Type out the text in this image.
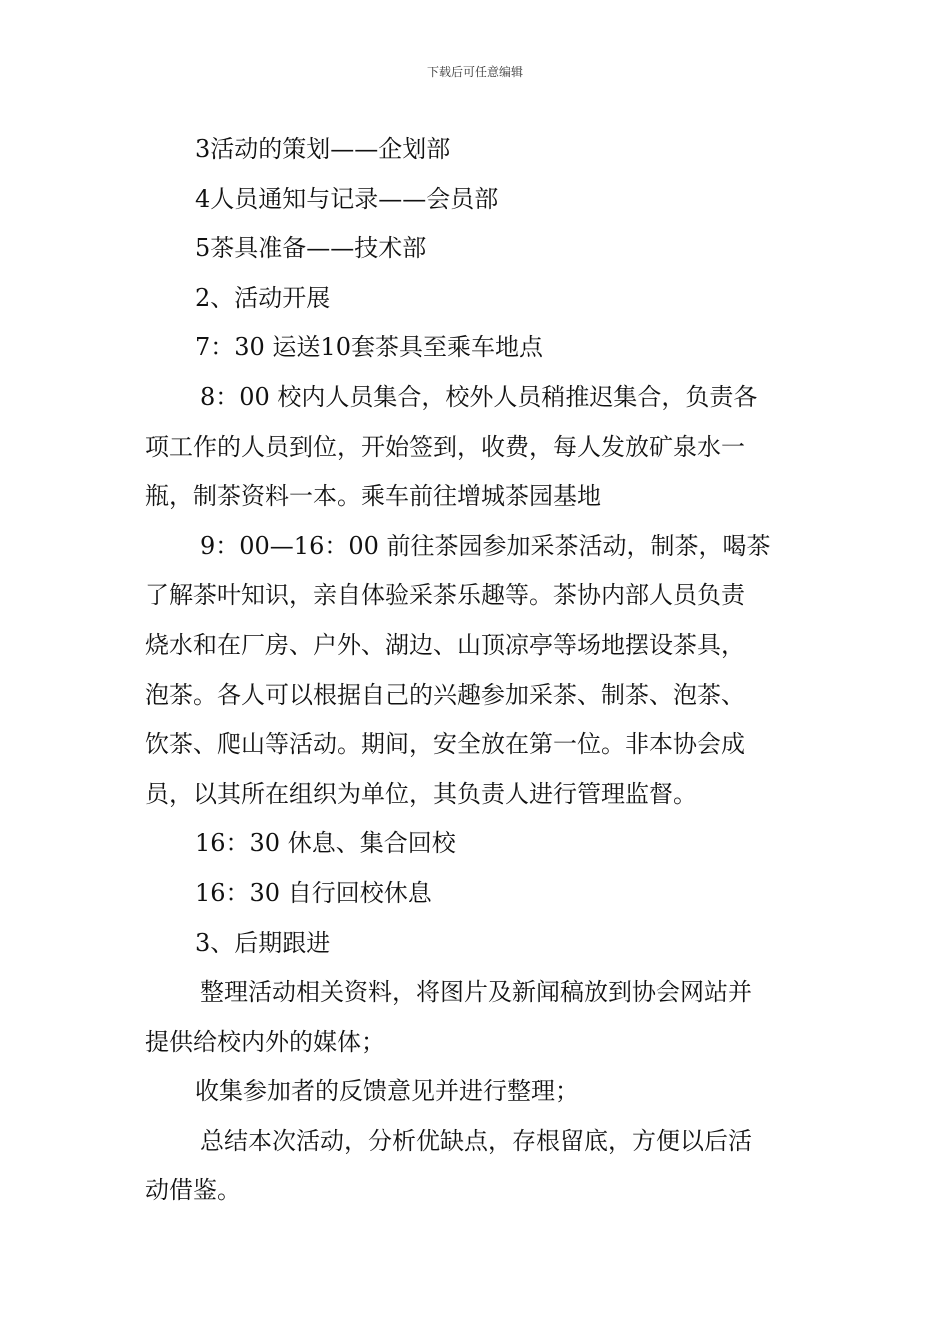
下载后可任意编辑
3活动的策划——企划部
4人员通知与记录——会员部
5茶具准备——技术部
2、活动开展
7：30 运送10套茶具至乘车地点
8：00 校内人员集合，校外人员稍推迟集合，负责各
项工作的人员到位，开始签到，收费，每人发放矿泉水一
瓶，制茶资料一本。乘车前往增城茶园基地
9：00—16：00 前往茶园参加采茶活动，制茶，喝茶
了解茶叶知识，亲自体验采茶乐趣等。茶协内部人员负责
烧水和在厂房、户外、湖边、山顶凉亭等场地摆设茶具，
泡茶。各人可以根据自己的兴趣参加采茶、制茶、泡茶、
饮茶、爬山等活动。期间，安全放在第一位。非本协会成
员，以其所在组织为单位，其负责人进行管理监督。
16：30 休息、集合回校
16：30 自行回校休息
3、后期跟进
整理活动相关资料，将图片及新闻稿放到协会网站并
提供给校内外的媒体；
收集参加者的反馈意见并进行整理；
总结本次活动，分析优缺点，存根留底，方便以后活
动借鉴。
